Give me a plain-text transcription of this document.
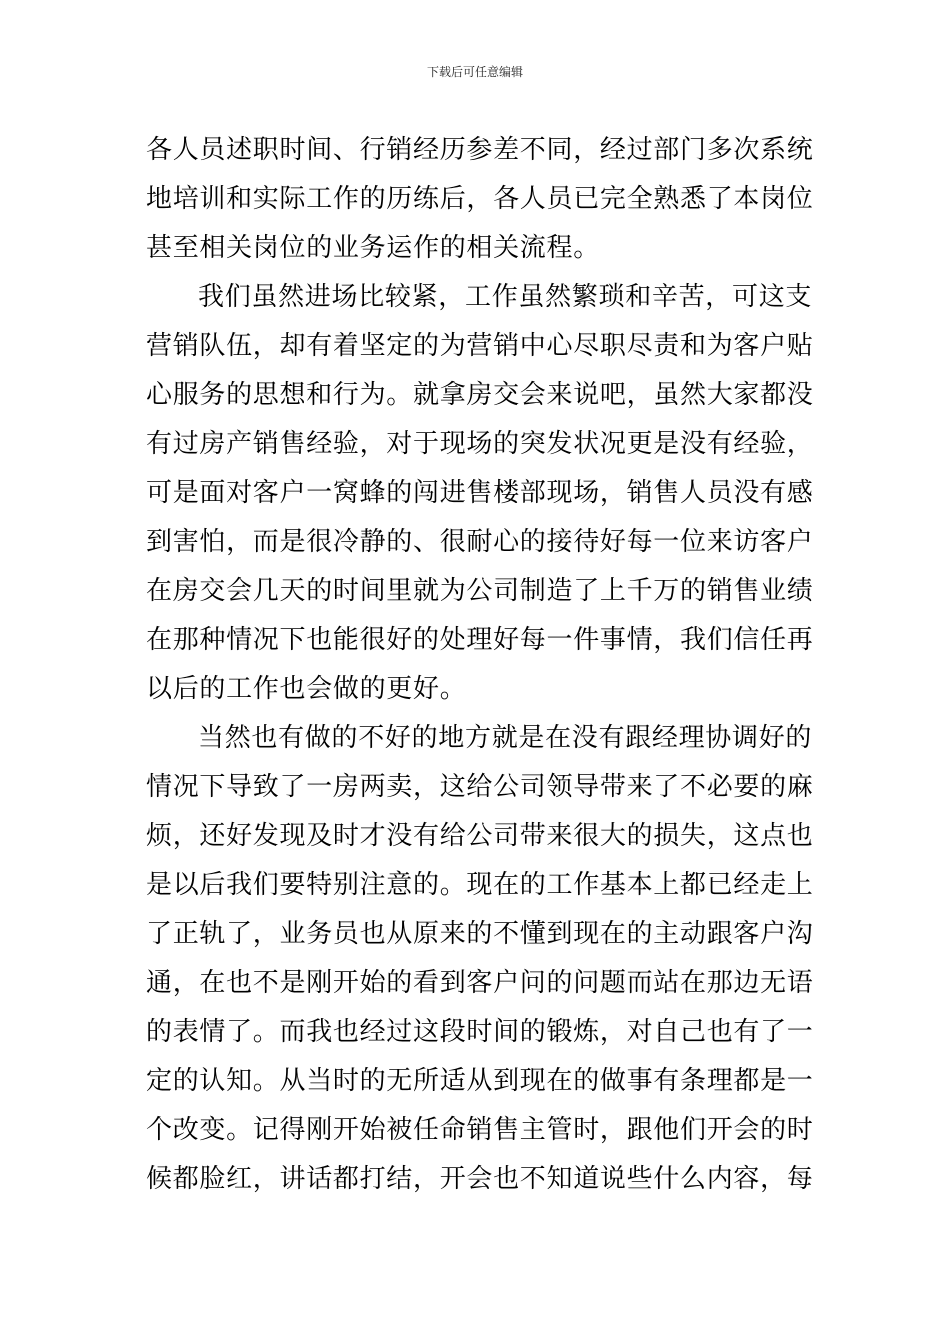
下载后可任意编辑
各人员述职时间、行销经历参差不同，经过部门多次系统
地培训和实际工作的历练后，各人员已完全熟悉了本岗位
甚至相关岗位的业务运作的相关流程。
我们虽然进场比较紧，工作虽然繁琐和辛苦，可这支
营销队伍，却有着坚定的为营销中心尽职尽责和为客户贴
心服务的思想和行为。就拿房交会来说吧，虽然大家都没
有过房产销售经验，对于现场的突发状况更是没有经验，
可是面对客户一窝蜂的闯进售楼部现场，销售人员没有感
到害怕，而是很冷静的、很耐心的接待好每一位来访客户
在房交会几天的时间里就为公司制造了上千万的销售业绩
在那种情况下也能很好的处理好每一件事情，我们信任再
以后的工作也会做的更好。
当然也有做的不好的地方就是在没有跟经理协调好的
情况下导致了一房两卖，这给公司领导带来了不必要的麻
烦，还好发现及时才没有给公司带来很大的损失，这点也
是以后我们要特别注意的。现在的工作基本上都已经走上
了正轨了，业务员也从原来的不懂到现在的主动跟客户沟
通，在也不是刚开始的看到客户问的问题而站在那边无语
的表情了。而我也经过这段时间的锻炼，对自己也有了一
定的认知。从当时的无所适从到现在的做事有条理都是一
个改变。记得刚开始被任命销售主管时，跟他们开会的时
候都脸红，讲话都打结，开会也不知道说些什么内容，每
